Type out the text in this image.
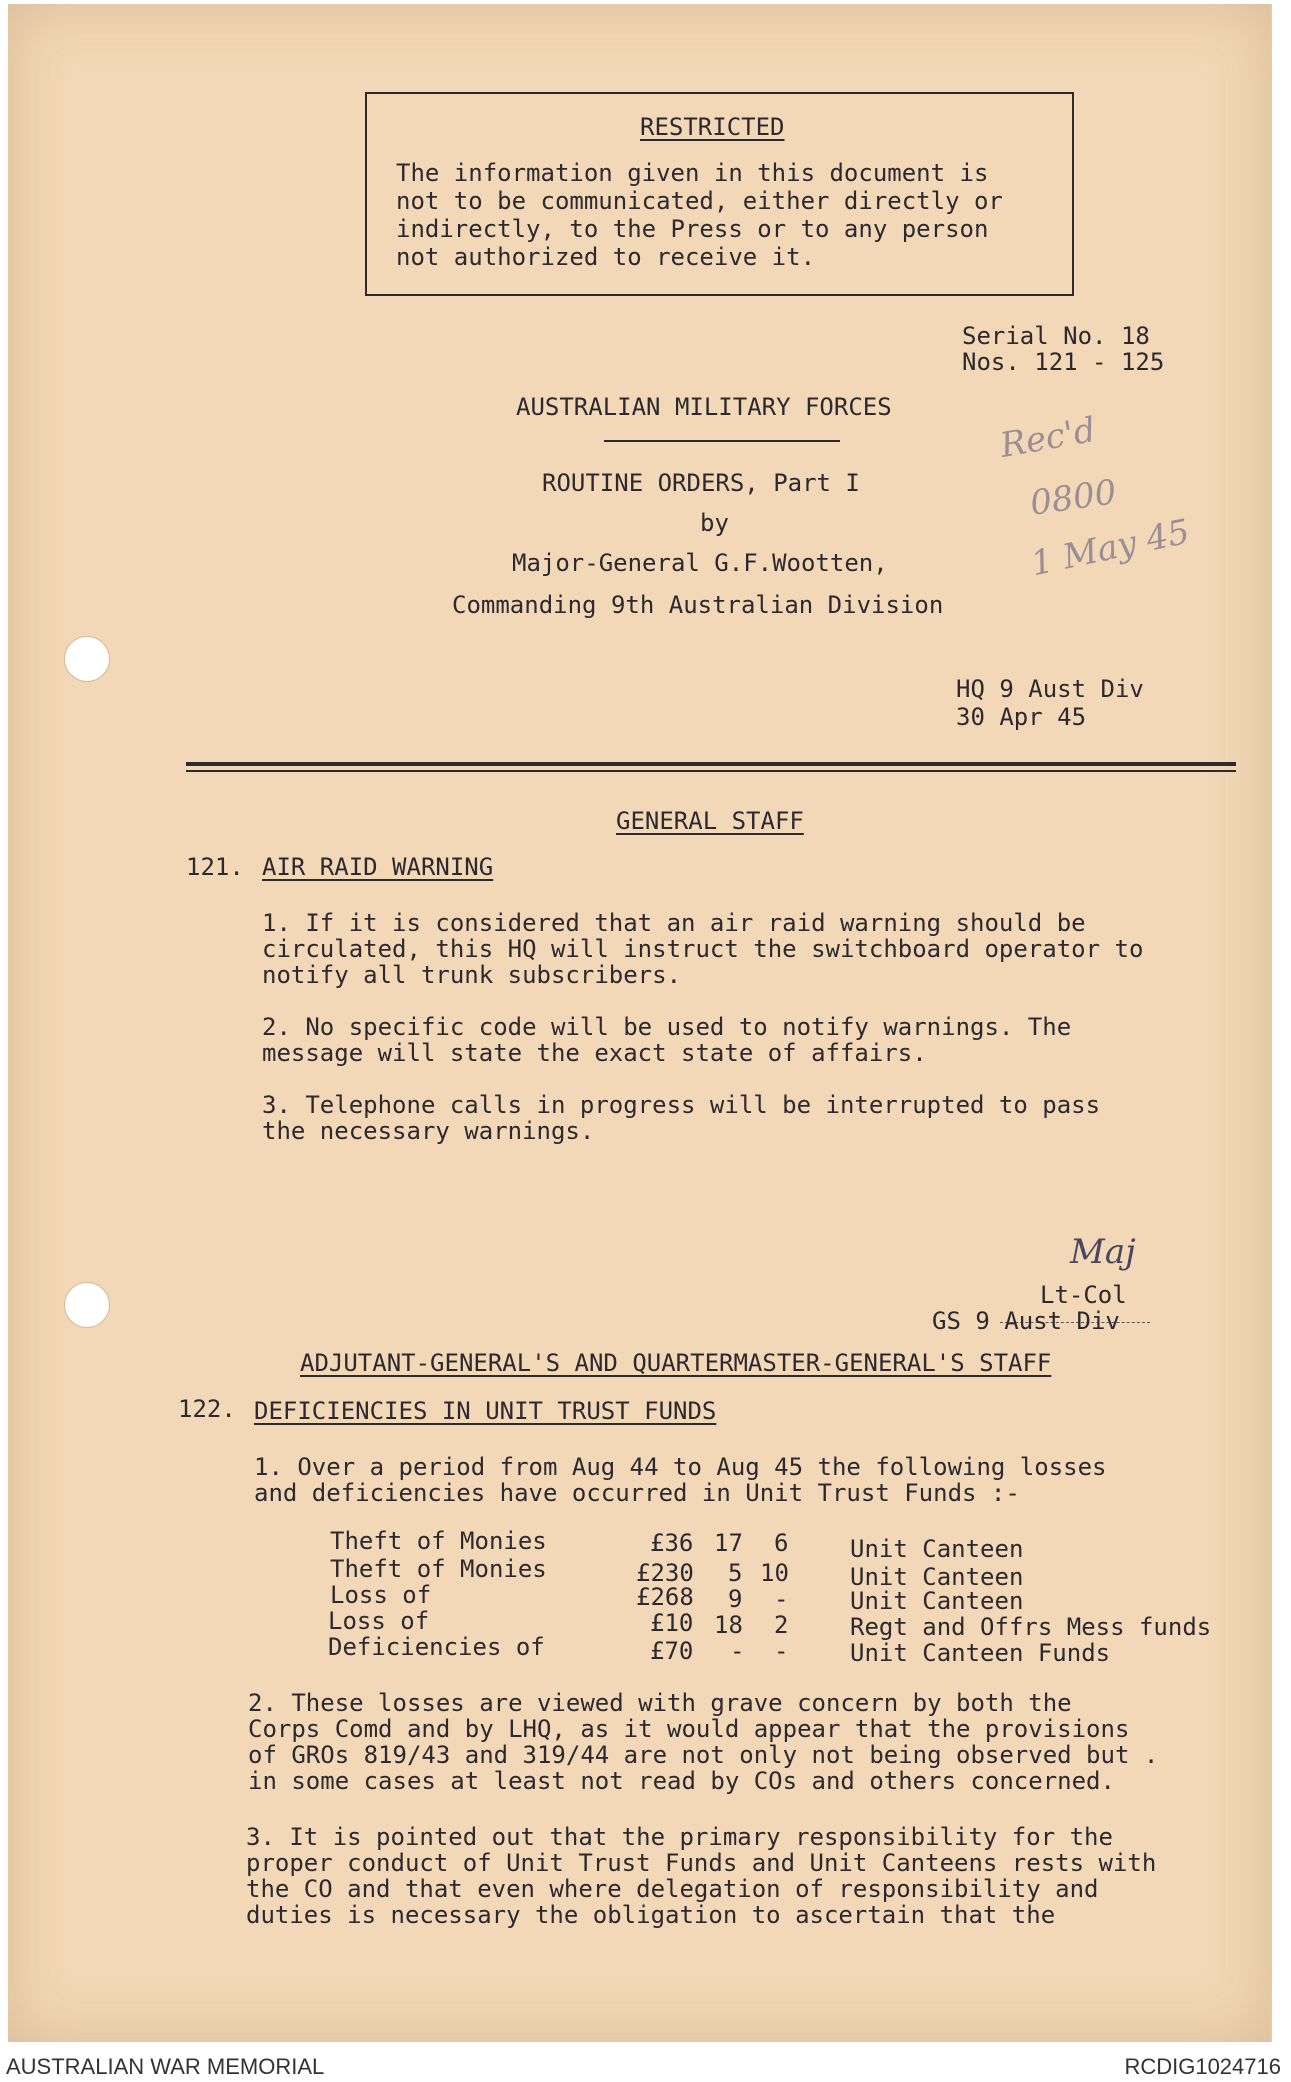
RESTRICTED
The information given in this document is
not to be communicated, either directly or
indirectly, to the Press or to any person
not authorized to receive it.
Serial No. 18
Nos. 121 - 125
AUSTRALIAN MILITARY FORCES
ROUTINE ORDERS, Part I
by
Major-General G.F.Wootten,
Commanding 9th Australian Division
Rec'd
0800
1 May 45
HQ 9 Aust Div
30 Apr 45
GENERAL STAFF
121. AIR RAID WARNING
1. If it is considered that an air raid warning should be
circulated, this HQ will instruct the switchboard operator to
notify all trunk subscribers.
2. No specific code will be used to notify warnings. The
message will state the exact state of affairs.
3. Telephone calls in progress will be interrupted to pass
the necessary warnings.
Maj
Lt-Col
GS 9 Aust Div
ADJUTANT-GENERAL'S AND QUARTERMASTER-GENERAL'S STAFF
122. DEFICIENCIES IN UNIT TRUST FUNDS
1. Over a period from Aug 44 to Aug 45 the following losses
and deficiencies have occurred in Unit Trust Funds :-
Theft of Monies	£36 17 6	Unit Canteen
Theft of Monies	£230 5 10	Unit Canteen
Loss of	£268 9 -	Unit Canteen
Loss of	£10 18 2	Regt and Offrs Mess funds
Deficiencies of	£70 - -	Unit Canteen Funds
2. These losses are viewed with grave concern by both the
Corps Comd and by LHQ, as it would appear that the provisions
of GROs 819/43 and 319/44 are not only not being observed but .
in some cases at least not read by COs and others concerned.
3. It is pointed out that the primary responsibility for the
proper conduct of Unit Trust Funds and Unit Canteens rests with
the CO and that even where delegation of responsibility and
duties is necessary the obligation to ascertain that the
AUSTRALIAN WAR MEMORIAL	RCDIG1024716
